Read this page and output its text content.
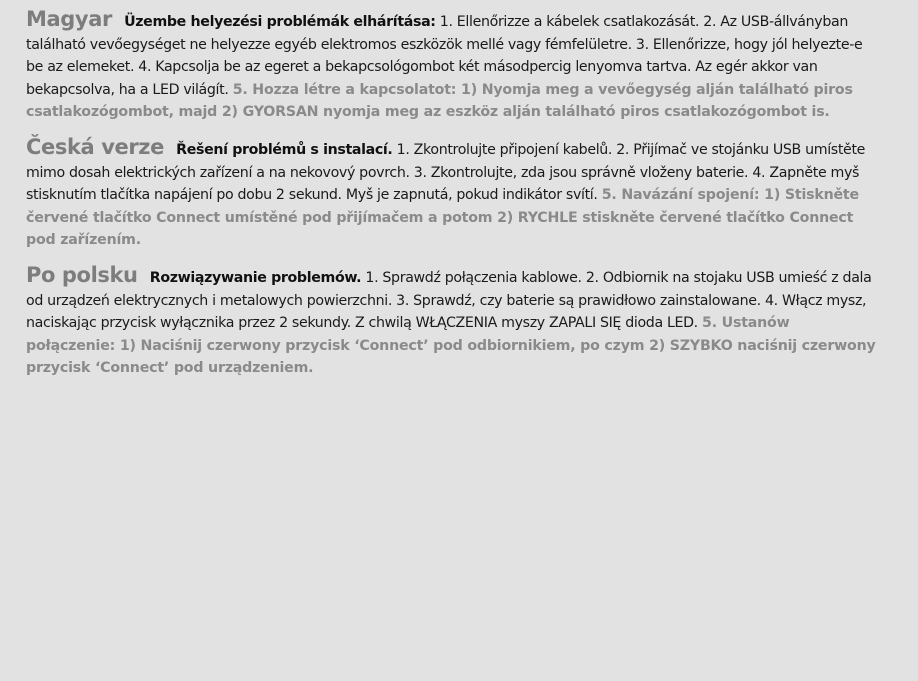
Magyar Üzembe helyezési problémák elhárítása: 1. Ellenőrizze a kábelek csatlakozását. 2. Az USB-állványban található vevőegységet ne helyezze egyéb elektromos eszközök mellé vagy fémfelületre. 3. Ellenőrizze, hogy jól helyezte-e be az elemeket. 4. Kapcsolja be az egeret a bekapcsológombot két másodpercig lenyomva tartva. Az egér akkor van bekapcsolva, ha a LED világít. 5. Hozza létre a kapcsolatot: 1) Nyomja meg a vevőegység alján található piros csatlakozógombot, majd 2) GYORSAN nyomja meg az eszköz alján található piros csatlakozógombot is.
Česká verze Řešení problémů s instalací. 1. Zkontrolujte připojení kabelů. 2. Přijímač ve stojánku USB umístěte mimo dosah elektrických zařízení a na nekovový povrch. 3. Zkontrolujte, zda jsou správně vloženy baterie. 4. Zapněte myš stisknutím tlačítka napájení po dobu 2 sekund. Myš je zapnutá, pokud indikátor svítí. 5. Navázání spojení: 1) Stiskněte červené tlačítko Connect umístěné pod přijímačem a potom 2) RYCHLE stiskněte červené tlačítko Connect pod zařízením.
Po polsku Rozwiązywanie problemów. 1. Sprawdź połączenia kablowe. 2. Odbiornik na stojaku USB umieść z dala od urządzeń elektrycznych i metalowych powierzchni. 3. Sprawdź, czy baterie są prawidłowo zainstalowane. 4. Włącz mysz, naciskając przycisk wyłącznika przez 2 sekundy. Z chwilą WŁĄCZENIA myszy ZAPALI SIĘ dioda LED. 5. Ustanów połączenie: 1) Naciśnij czerwony przycisk ‘Connect’ pod odbiornikiem, po czym 2) SZYBKO naciśnij czerwony przycisk ‘Connect’ pod urządzeniem.
